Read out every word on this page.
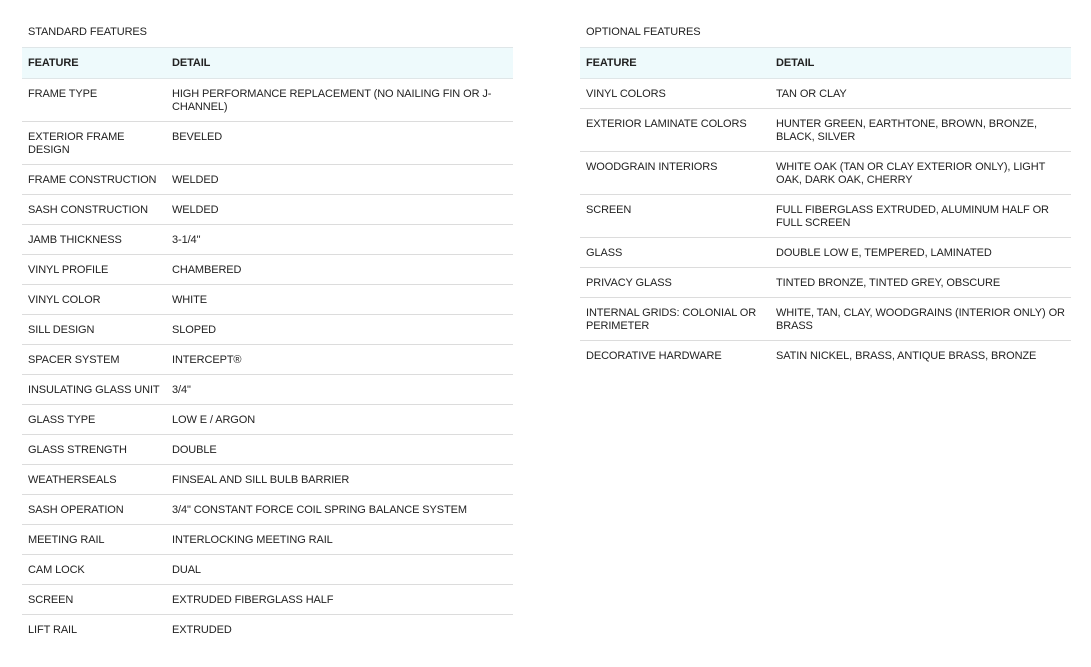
STANDARD FEATURES
FEATURE	DETAIL
FRAME TYPE	HIGH PERFORMANCE REPLACEMENT (NO NAILING FIN OR J-CHANNEL)
EXTERIOR FRAME DESIGN	BEVELED
FRAME CONSTRUCTION	WELDED
SASH CONSTRUCTION	WELDED
JAMB THICKNESS	3-1/4"
VINYL PROFILE	CHAMBERED
VINYL COLOR	WHITE
SILL DESIGN	SLOPED
SPACER SYSTEM	INTERCEPT®
INSULATING GLASS UNIT	3/4"
GLASS TYPE	LOW E / ARGON
GLASS STRENGTH	DOUBLE
WEATHERSEALS	FINSEAL AND SILL BULB BARRIER
SASH OPERATION	3/4" CONSTANT FORCE COIL SPRING BALANCE SYSTEM
MEETING RAIL	INTERLOCKING MEETING RAIL
CAM LOCK	DUAL
SCREEN	EXTRUDED FIBERGLASS HALF
LIFT RAIL	EXTRUDED
OPTIONAL FEATURES
FEATURE	DETAIL
VINYL COLORS	TAN OR CLAY
EXTERIOR LAMINATE COLORS	HUNTER GREEN, EARTHTONE, BROWN, BRONZE, BLACK, SILVER
WOODGRAIN INTERIORS	WHITE OAK (TAN OR CLAY EXTERIOR ONLY), LIGHT OAK, DARK OAK, CHERRY
SCREEN	FULL FIBERGLASS EXTRUDED, ALUMINUM HALF OR FULL SCREEN
GLASS	DOUBLE LOW E, TEMPERED, LAMINATED
PRIVACY GLASS	TINTED BRONZE, TINTED GREY, OBSCURE
INTERNAL GRIDS: COLONIAL OR PERIMETER	WHITE, TAN, CLAY, WOODGRAINS (INTERIOR ONLY) OR BRASS
DECORATIVE HARDWARE	SATIN NICKEL, BRASS, ANTIQUE BRASS, BRONZE
